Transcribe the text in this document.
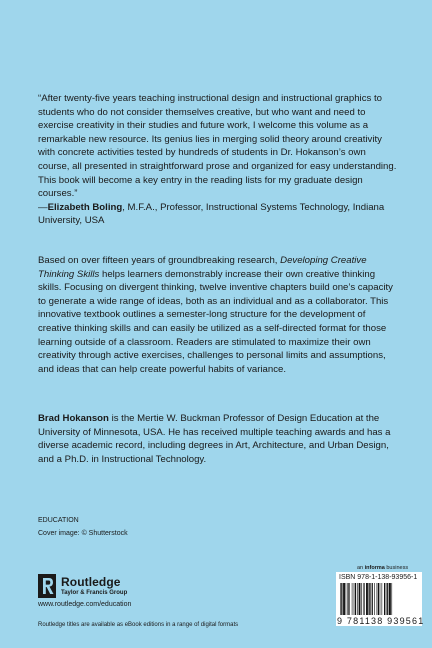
“After twenty-five years teaching instructional design and instructional graphics to students who do not consider themselves creative, but who want and need to exercise creativity in their studies and future work, I welcome this volume as a remarkable new resource. Its genius lies in merging solid theory around creativity with concrete activities tested by hundreds of students in Dr. Hokanson’s own course, all presented in straightforward prose and organized for easy understanding. This book will become a key entry in the reading lists for my graduate design courses.”
—Elizabeth Boling, M.F.A., Professor, Instructional Systems Technology, Indiana University, USA
Based on over fifteen years of groundbreaking research, Developing Creative Thinking Skills helps learners demonstrably increase their own creative thinking skills. Focusing on divergent thinking, twelve inventive chapters build one’s capacity to generate a wide range of ideas, both as an individual and as a collaborator. This innovative textbook outlines a semester-long structure for the development of creative thinking skills and can easily be utilized as a self-directed format for those learning outside of a classroom. Readers are stimulated to maximize their own creativity through active exercises, challenges to personal limits and assumptions, and ideas that can help create powerful habits of variance.
Brad Hokanson is the Mertie W. Buckman Professor of Design Education at the University of Minnesota, USA. He has received multiple teaching awards and has a diverse academic record, including degrees in Art, Architecture, and Urban Design, and a Ph.D. in Instructional Technology.
EDUCATION
Cover image: © Shutterstock
Routledge
Taylor & Francis Group
www.routledge.com/education
Routledge titles are available as eBook editions in a range of digital formats
an informa business
ISBN 978-1-138-93956-1
9 781138 939561
